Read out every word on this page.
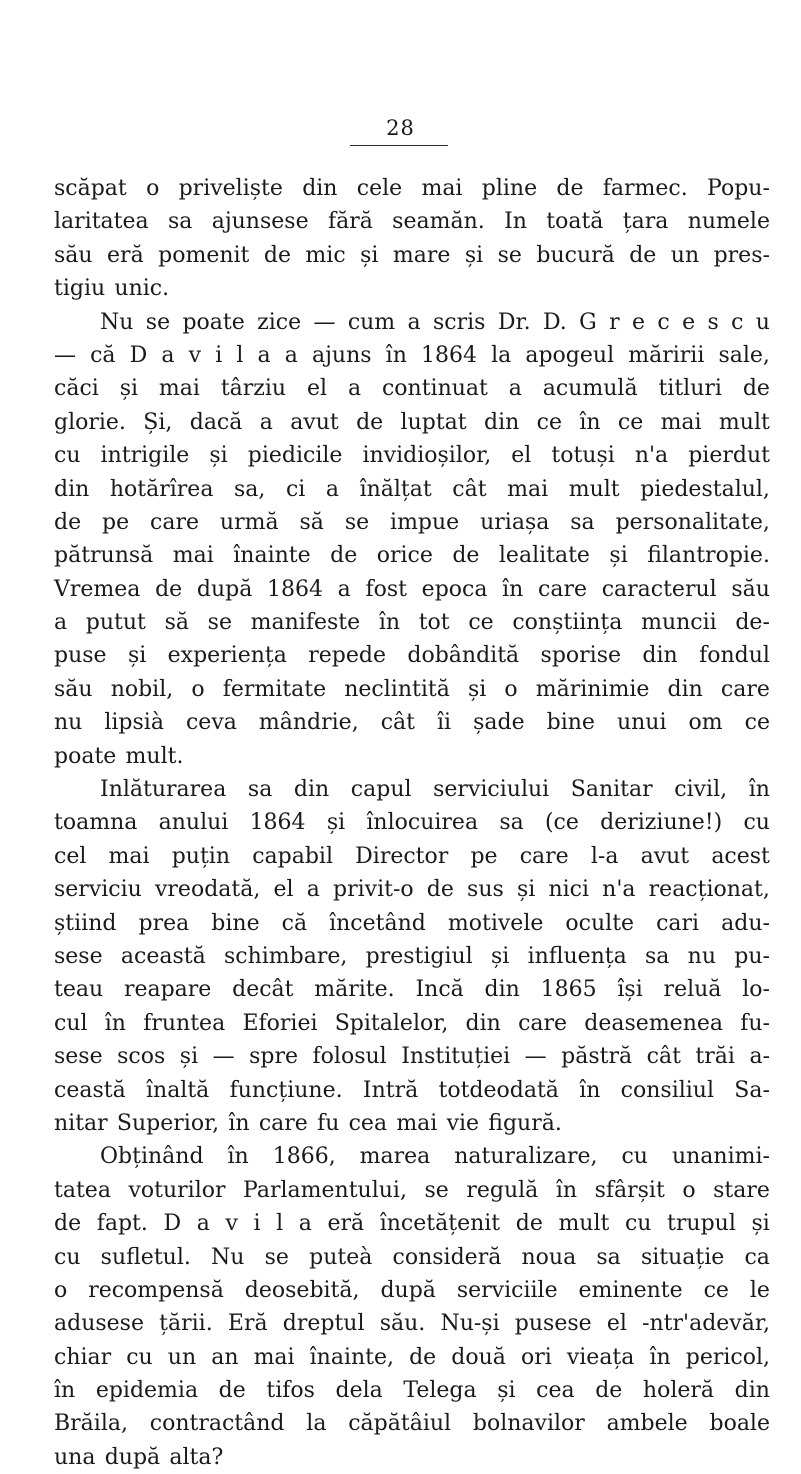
28
scăpat o priveliște din cele mai pline de farmec. Popu-
laritatea sa ajunsese fără seamăn. In toată țara numele
său eră pomenit de mic și mare și se bucură de un pres-
tigiu unic.
Nu se poate zice — cum a scris Dr. D. G r e c e s c u
— că D a v i l a a ajuns în 1864 la apogeul măririi sale,
căci și mai târziu el a continuat a acumulă titluri de
glorie. Și, dacă a avut de luptat din ce în ce mai mult
cu intrigile și piedicile invidioșilor, el totuși n'a pierdut
din hotărîrea sa, ci a înălțat cât mai mult piedestalul,
de pe care urmă să se impue uriașa sa personalitate,
pătrunsă mai înainte de orice de lealitate și filantropie.
Vremea de după 1864 a fost epoca în care caracterul său
a putut să se manifeste în tot ce conștiința muncii de-
puse și experiența repede dobândită sporise din fondul
său nobil, o fermitate neclintită și o mărinimie din care
nu lipsià ceva mândrie, cât îi șade bine unui om ce
poate mult.
Inlăturarea sa din capul serviciului Sanitar civil, în
toamna anului 1864 și înlocuirea sa (ce deriziune!) cu
cel mai puțin capabil Director pe care l-a avut acest
serviciu vreodată, el a privit-o de sus și nici n'a reacționat,
știind prea bine că încetând motivele oculte cari adu-
sese această schimbare, prestigiul și influența sa nu pu-
teau reapare decât mărite. Incă din 1865 își reluă lo-
cul în fruntea Eforiei Spitalelor, din care deasemenea fu-
sese scos și — spre folosul Instituției — păstră cât trăi a-
ceastă înaltă funcțiune. Intră totdeodată în consiliul Sa-
nitar Superior, în care fu cea mai vie figură.
Obținând în 1866, marea naturalizare, cu unanimi-
tatea voturilor Parlamentului, se regulă în sfârșit o stare
de fapt. D a v i l a eră încetățenit de mult cu trupul și
cu sufletul. Nu se puteà consideră noua sa situație ca
o recompensă deosebită, după serviciile eminente ce le
adusese țării. Eră dreptul său. Nu-și pusese el -ntr'adevăr,
chiar cu un an mai înainte, de două ori vieața în pericol,
în epidemia de tifos dela Telega și cea de holeră din
Brăila, contractând la căpătâiul bolnavilor ambele boale
una după alta?
